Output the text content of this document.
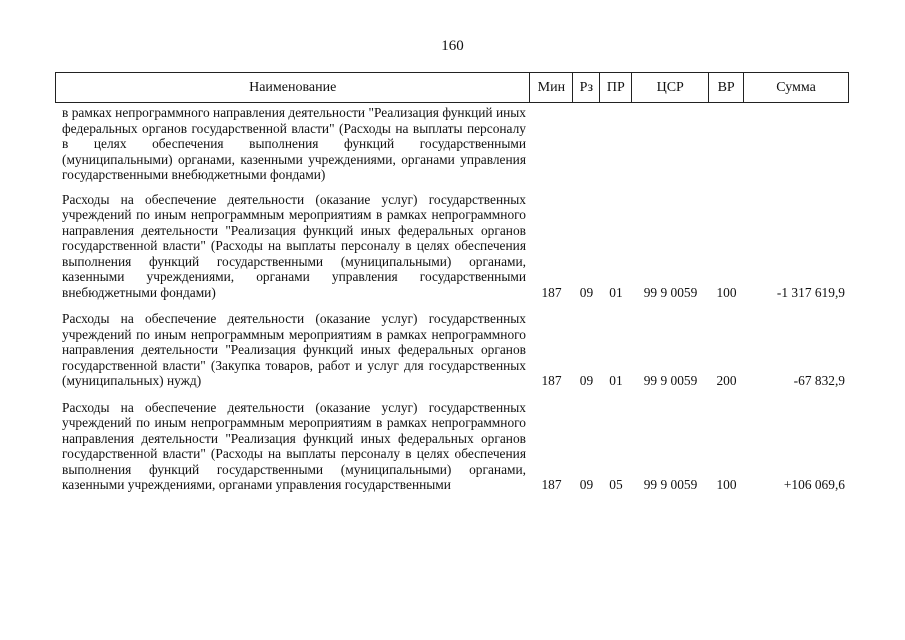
160
Наименование	Мин	Рз ПР	ЦСР	ВР	Сумма
в рамках непрограммного направления деятельности "Реализация функций иных федеральных органов государственной власти" (Расходы на выплаты персоналу в целях обеспечения выполнения функций государственными (муниципальными) органами, казенными учреждениями, органами управления государственными внебюджетными фондами)
Расходы на обеспечение деятельности (оказание услуг) государственных учреждений по иным непрограммным мероприятиям в рамках непрограммного направления деятельности "Реализация функций иных федеральных органов государственной власти" (Расходы на выплаты персоналу в целях обеспечения выполнения функций государственными (муниципальными) органами, казенными учреждениями, органами управления государственными внебюджетными фондами)	187	09	01	99 9 0059	100	-1 317 619,9
Расходы на обеспечение деятельности (оказание услуг) государственных учреждений по иным непрограммным мероприятиям в рамках непрограммного направления деятельности "Реализация функций иных федеральных органов государственной власти" (Закупка товаров, работ и услуг для государственных (муниципальных) нужд)	187	09	01	99 9 0059	200	-67 832,9
Расходы на обеспечение деятельности (оказание услуг) государственных учреждений по иным непрограммным мероприятиям в рамках непрограммного направления деятельности "Реализация функций иных федеральных органов государственной власти" (Расходы на выплаты персоналу в целях обеспечения выполнения функций государственными (муниципальными) органами, казенными учреждениями, органами управления государственными	187	09	05	99 9 0059	100	+106 069,6
